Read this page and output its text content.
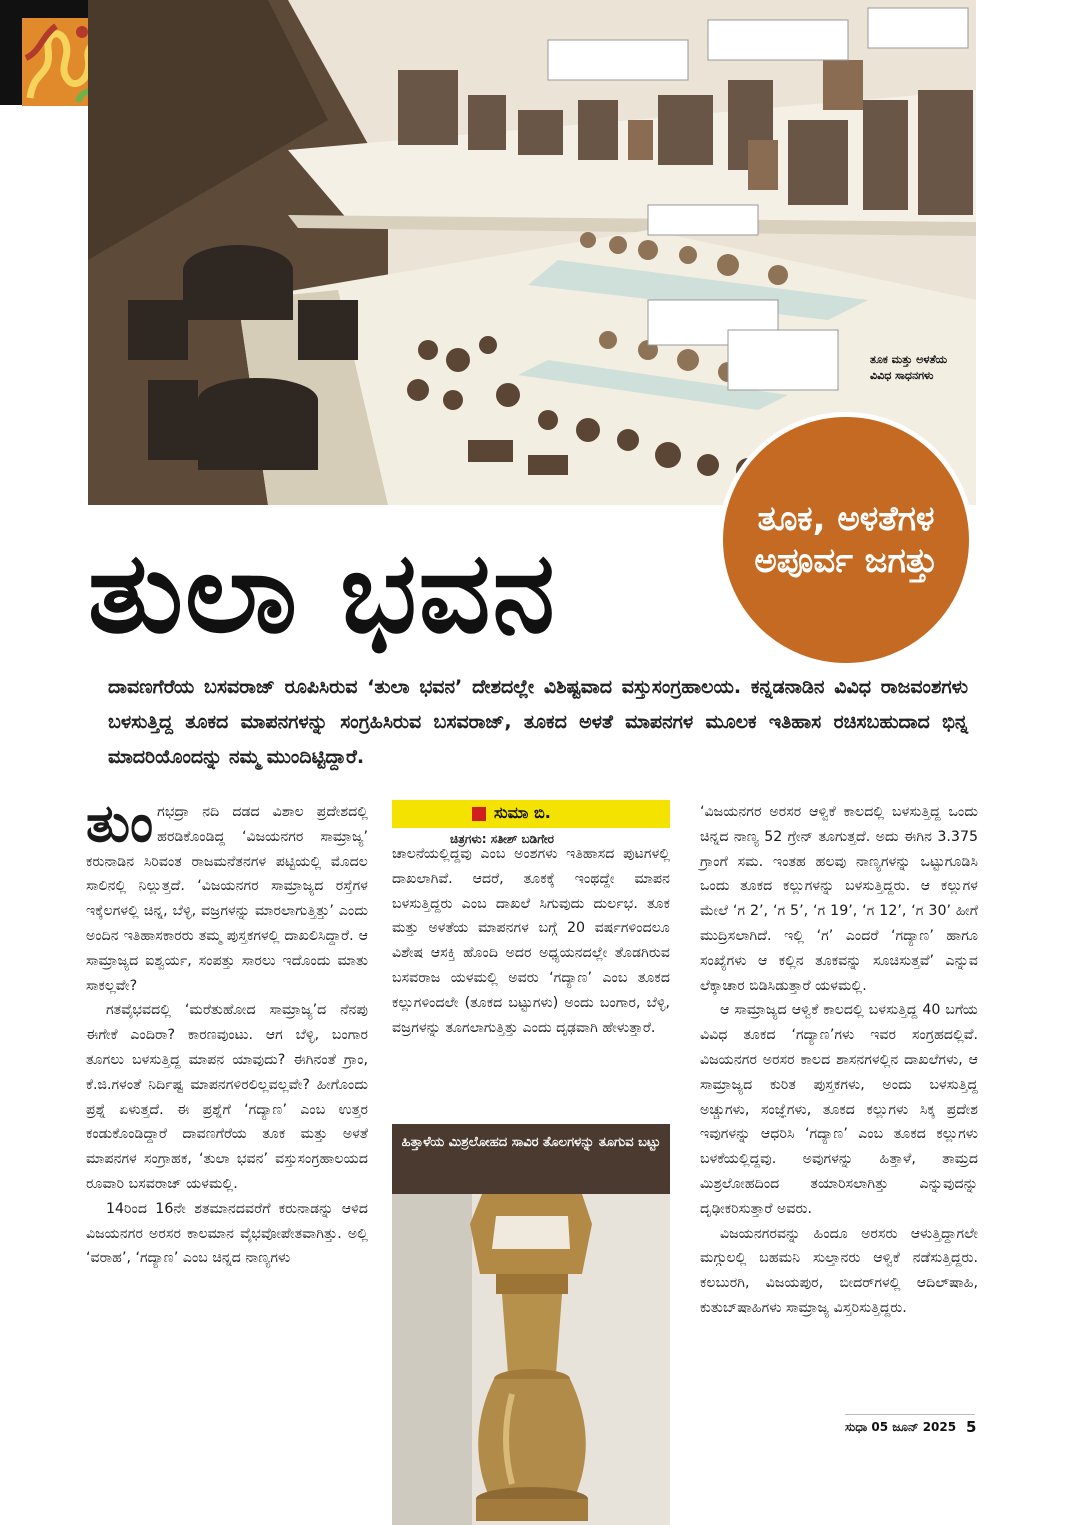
ತೂಕ ಮತ್ತು ಅಳತೆಯ ವಿವಿಧ ಸಾಧನಗಳು
ತೂಕ, ಅಳತೆಗಳ ಅಪೂರ್ವ ಜಗತ್ತು
ತುಲಾ ಭವನ
ದಾವಣಗೆರೆಯ ಬಸವರಾಜ್ ರೂಪಿಸಿರುವ ‘ತುಲಾ ಭವನ’ ದೇಶದಲ್ಲೇ ವಿಶಿಷ್ಟವಾದ ವಸ್ತುಸಂಗ್ರಹಾಲಯ. ಕನ್ನಡನಾಡಿನ ವಿವಿಧ ರಾಜವಂಶಗಳು ಬಳಸುತ್ತಿದ್ದ ತೂಕದ ಮಾಪನಗಳನ್ನು ಸಂಗ್ರಹಿಸಿರುವ ಬಸವರಾಜ್, ತೂಕದ ಅಳತೆ ಮಾಪನಗಳ ಮೂಲಕ ಇತಿಹಾಸ ರಚಿಸಬಹುದಾದ ಭಿನ್ನ ಮಾದರಿಯೊಂದನ್ನು ನಮ್ಮ ಮುಂದಿಟ್ಟಿದ್ದಾರೆ.

ತುಂಗಭದ್ರಾ ನದಿ ದಡದ ವಿಶಾಲ ಪ್ರದೇಶದಲ್ಲಿ ಹರಡಿಕೊಂಡಿದ್ದ ‘ವಿಜಯನಗರ ಸಾಮ್ರಾಜ್ಯ’ ಕರುನಾಡಿನ ಸಿರಿವಂತ ರಾಜಮನೆತನಗಳ ಪಟ್ಟಿಯಲ್ಲಿ ಮೊದಲ ಸಾಲಿನಲ್ಲಿ ನಿಲ್ಲುತ್ತದೆ. ‘ವಿಜಯನಗರ ಸಾಮ್ರಾಜ್ಯದ ರಸ್ತೆಗಳ ಇಕ್ಕೆಲಗಳಲ್ಲಿ ಚಿನ್ನ, ಬೆಳ್ಳಿ, ವಜ್ರಗಳನ್ನು ಮಾರಲಾಗುತ್ತಿತ್ತು’ ಎಂದು ಅಂದಿನ ಇತಿಹಾಸಕಾರರು ತಮ್ಮ ಪುಸ್ತಕಗಳಲ್ಲಿ ದಾಖಲಿಸಿದ್ದಾರೆ. ಆ ಸಾಮ್ರಾಜ್ಯದ ಐಶ್ವರ್ಯ, ಸಂಪತ್ತು ಸಾರಲು ಇದೊಂದು ಮಾತು ಸಾಕಲ್ಲವೇ?

ಗತವೈಭವದಲ್ಲಿ ‘ಮರೆತುಹೋದ ಸಾಮ್ರಾಜ್ಯ’ದ ನೆನಪು ಈಗೇಕೆ ಎಂದಿರಾ? ಕಾರಣವುಂಟು. ಆಗ ಬೆಳ್ಳಿ, ಬಂಗಾರ ತೂಗಲು ಬಳಸುತ್ತಿದ್ದ ಮಾಪನ ಯಾವುದು? ಈಗಿನಂತೆ ಗ್ರಾಂ, ಕೆ.ಜಿ.ಗಳಂತೆ ನಿರ್ದಿಷ್ಟ ಮಾಪನಗಳಿರಲಿಲ್ಲವಲ್ಲವೇ? ಹೀಗೊಂದು ಪ್ರಶ್ನೆ ಏಳುತ್ತದೆ. ಈ ಪ್ರಶ್ನೆಗೆ ‘ಗದ್ಯಾಣ’ ಎಂಬ ಉತ್ತರ ಕಂಡುಕೊಂಡಿದ್ದಾರೆ ದಾವಣಗೆರೆಯ ತೂಕ ಮತ್ತು ಅಳತೆ ಮಾಪನಗಳ ಸಂಗ್ರಾಹಕ, ‘ತುಲಾ ಭವನ’ ವಸ್ತುಸಂಗ್ರಹಾಲಯದ ರೂವಾರಿ ಬಸವರಾಜ್ ಯಳಮಲ್ಲಿ.

14ರಿಂದ 16ನೇ ಶತಮಾನದವರೆಗೆ ಕರುನಾಡನ್ನು ಆಳಿದ ವಿಜಯನಗರ ಅರಸರ ಕಾಲಮಾನ ವೈಭವೋಪೇತವಾಗಿತ್ತು. ಅಲ್ಲಿ ‘ವರಾಹ’, ‘ಗದ್ಯಾಣ’ ಎಂಬ ಚಿನ್ನದ ನಾಣ್ಯಗಳು

ಸುಮಾ ಬಿ.
ಚಿತ್ರಗಳು: ಸತೀಶ್ ಬಡಿಗೇರ

ಚಾಲನೆಯಲ್ಲಿದ್ದವು ಎಂಬ ಅಂಶಗಳು ಇತಿಹಾಸದ ಪುಟಗಳಲ್ಲಿ ದಾಖಲಾಗಿವೆ. ಆದರೆ, ತೂಕಕ್ಕೆ ಇಂಥದ್ದೇ ಮಾಪನ ಬಳಸುತ್ತಿದ್ದರು ಎಂಬ ದಾಖಲೆ ಸಿಗುವುದು ದುರ್ಲಭ. ತೂಕ ಮತ್ತು ಅಳತೆಯ ಮಾಪನಗಳ ಬಗ್ಗೆ 20 ವರ್ಷಗಳಿಂದಲೂ ವಿಶೇಷ ಆಸಕ್ತಿ ಹೊಂದಿ ಅದರ ಅಧ್ಯಯನದಲ್ಲೇ ತೊಡಗಿರುವ ಬಸವರಾಜ ಯಳಮಲ್ಲಿ ಅವರು ‘ಗದ್ಯಾಣ’ ಎಂಬ ತೂಕದ ಕಲ್ಲುಗಳಿಂದಲೇ (ತೂಕದ ಬಟ್ಟುಗಳು) ಅಂದು ಬಂಗಾರ, ಬೆಳ್ಳಿ, ವಜ್ರಗಳನ್ನು ತೂಗಲಾಗುತ್ತಿತ್ತು ಎಂದು ದೃಢವಾಗಿ ಹೇಳುತ್ತಾರೆ.

ಹಿತ್ತಾಳೆಯ ಮಿಶ್ರಲೋಹದ ಸಾವಿರ ತೊಲಗಳನ್ನು ತೂಗುವ ಬಟ್ಟು

‘ವಿಜಯನಗರ ಅರಸರ ಆಳ್ವಿಕೆ ಕಾಲದಲ್ಲಿ ಬಳಸುತ್ತಿದ್ದ ಒಂದು ಚಿನ್ನದ ನಾಣ್ಯ 52 ಗ್ರೇನ್ ತೂಗುತ್ತದೆ. ಅದು ಈಗಿನ 3.375 ಗ್ರಾಂಗೆ ಸಮ. ಇಂತಹ ಹಲವು ನಾಣ್ಯಗಳನ್ನು ಒಟ್ಟುಗೂಡಿಸಿ ಒಂದು ತೂಕದ ಕಲ್ಲುಗಳನ್ನು ಬಳಸುತ್ತಿದ್ದರು. ಆ ಕಲ್ಲುಗಳ ಮೇಲೆ ‘ಗ 2’, ‘ಗ 5’, ‘ಗ 19’, ‘ಗ 12’, ‘ಗ 30’ ಹೀಗೆ ಮುದ್ರಿಸಲಾಗಿದೆ. ಇಲ್ಲಿ ‘ಗ’ ಎಂದರೆ ‘ಗದ್ಯಾಣ’ ಹಾಗೂ ಸಂಖ್ಯೆಗಳು ಆ ಕಲ್ಲಿನ ತೂಕವನ್ನು ಸೂಚಿಸುತ್ತವೆ’ ಎನ್ನುವ ಲೆಕ್ಕಾಚಾರ ಬಿಡಿಸಿಡುತ್ತಾರೆ ಯಳಮಲ್ಲಿ.

ಆ ಸಾಮ್ರಾಜ್ಯದ ಆಳ್ವಿಕೆ ಕಾಲದಲ್ಲಿ ಬಳಸುತ್ತಿದ್ದ 40 ಬಗೆಯ ವಿವಿಧ ತೂಕದ ‘ಗದ್ಯಾಣ’ಗಳು ಇವರ ಸಂಗ್ರಹದಲ್ಲಿವೆ. ವಿಜಯನಗರ ಅರಸರ ಕಾಲದ ಶಾಸನಗಳಲ್ಲಿನ ದಾಖಲೆಗಳು, ಆ ಸಾಮ್ರಾಜ್ಯದ ಕುರಿತ ಪುಸ್ತಕಗಳು, ಅಂದು ಬಳಸುತ್ತಿದ್ದ ಅಚ್ಚುಗಳು, ಸಂಜ್ಞೆಗಳು, ತೂಕದ ಕಲ್ಲುಗಳು ಸಿಕ್ಕ ಪ್ರದೇಶ ಇವುಗಳನ್ನು ಆಧರಿಸಿ ‘ಗದ್ಯಾಣ’ ಎಂಬ ತೂಕದ ಕಲ್ಲುಗಳು ಬಳಕೆಯಲ್ಲಿದ್ದವು. ಅವುಗಳನ್ನು ಹಿತ್ತಾಳೆ, ತಾಮ್ರದ ಮಿಶ್ರಲೋಹದಿಂದ ತಯಾರಿಸಲಾಗಿತ್ತು ಎನ್ನುವುದನ್ನು ದೃಢೀಕರಿಸುತ್ತಾರೆ ಅವರು.

ವಿಜಯನಗರವನ್ನು ಹಿಂದೂ ಅರಸರು ಆಳುತ್ತಿದ್ದಾಗಲೇ ಮಗ್ಗುಲಲ್ಲಿ ಬಹಮನಿ ಸುಲ್ತಾನರು ಆಳ್ವಿಕೆ ನಡೆಸುತ್ತಿದ್ದರು. ಕಲಬುರಗಿ, ವಿಜಯಪುರ, ಬೀದರ್‌ಗಳಲ್ಲಿ ಆದಿಲ್‌ಷಾಹಿ, ಕುತುಬ್‌ಷಾಹಿಗಳು ಸಾಮ್ರಾಜ್ಯ ವಿಸ್ತರಿಸುತ್ತಿದ್ದರು.

ಸುಧಾ 05 ಜೂನ್ 2025 5
